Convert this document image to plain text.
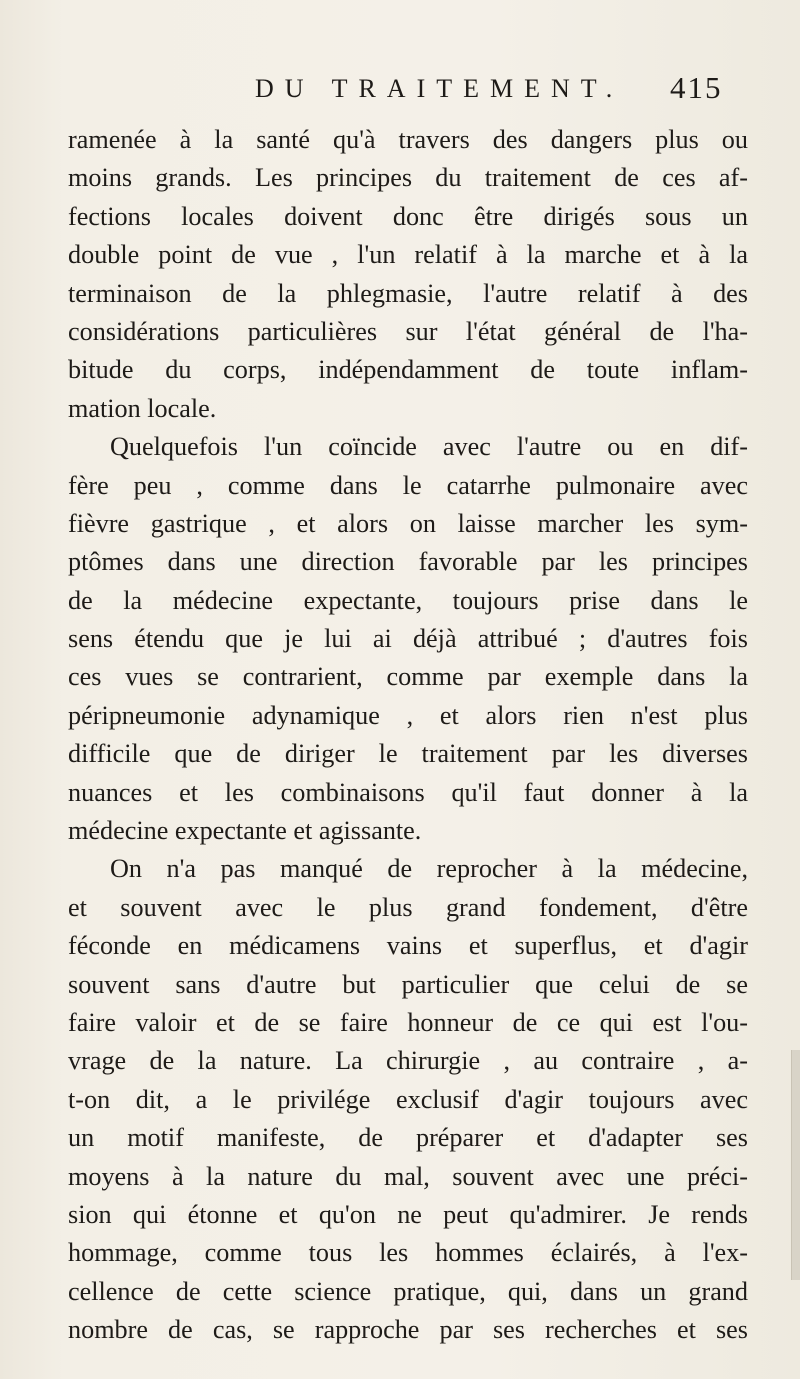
DU TRAITEMENT. 415
ramenée à la santé qu'à travers des dangers plus ou
moins grands. Les principes du traitement de ces af-
fections locales doivent donc être dirigés sous un
double point de vue , l'un relatif à la marche et à la
terminaison de la phlegmasie, l'autre relatif à des
considérations particulières sur l'état général de l'ha-
bitude du corps, indépendamment de toute inflam-
mation locale.
Quelquefois l'un coïncide avec l'autre ou en dif-
fère peu , comme dans le catarrhe pulmonaire avec
fièvre gastrique , et alors on laisse marcher les sym-
ptômes dans une direction favorable par les principes
de la médecine expectante, toujours prise dans le
sens étendu que je lui ai déjà attribué ; d'autres fois
ces vues se contrarient, comme par exemple dans la
péripneumonie adynamique , et alors rien n'est plus
difficile que de diriger le traitement par les diverses
nuances et les combinaisons qu'il faut donner à la
médecine expectante et agissante.
On n'a pas manqué de reprocher à la médecine,
et souvent avec le plus grand fondement, d'être
féconde en médicamens vains et superflus, et d'agir
souvent sans d'autre but particulier que celui de se
faire valoir et de se faire honneur de ce qui est l'ou-
vrage de la nature. La chirurgie , au contraire , a-
t-on dit, a le privilége exclusif d'agir toujours avec
un motif manifeste, de préparer et d'adapter ses
moyens à la nature du mal, souvent avec une préci-
sion qui étonne et qu'on ne peut qu'admirer. Je rends
hommage, comme tous les hommes éclairés, à l'ex-
cellence de cette science pratique, qui, dans un grand
nombre de cas, se rapproche par ses recherches et ses
